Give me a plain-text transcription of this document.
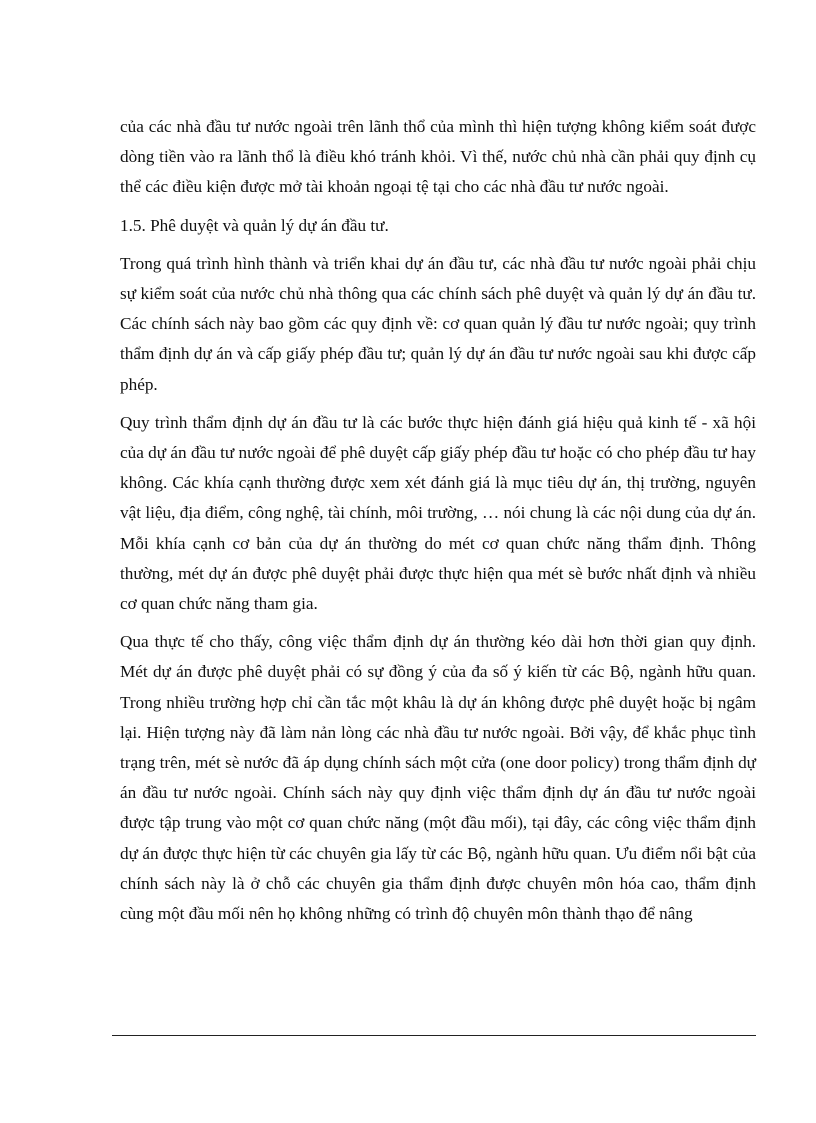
của các nhà đầu tư nước ngoài trên lãnh thổ của mình thì hiện tượng không kiểm soát được dòng tiền vào ra lãnh thổ là điều khó tránh khỏi. Vì thế, nước chủ nhà cần phải quy định cụ thể các điều kiện được mở tài khoản ngoại tệ tại cho các nhà đầu tư nước ngoài.

1.5. Phê duyệt và quản lý dự án đầu tư.

Trong quá trình hình thành và triển khai dự án đầu tư, các nhà đầu tư nước ngoài phải chịu sự kiểm soát của nước chủ nhà thông qua các chính sách phê duyệt và quản lý dự án đầu tư. Các chính sách này bao gồm các quy định về: cơ quan quản lý đầu tư nước ngoài; quy trình thẩm định dự án và cấp giấy phép đầu tư; quản lý dự án đầu tư nước ngoài sau khi được cấp phép.

Quy trình thẩm định dự án đầu tư là các bước thực hiện đánh giá hiệu quả kinh tế - xã hội của dự án đầu tư nước ngoài để phê duyệt cấp giấy phép đầu tư hoặc có cho phép đầu tư hay không. Các khía cạnh thường được xem xét đánh giá là mục tiêu dự án, thị trường, nguyên vật liệu, địa điểm, công nghệ, tài chính, môi trường, … nói chung là các nội dung của dự án. Mỗi khía cạnh cơ bản của dự án thường do mét cơ quan chức năng thẩm định. Thông thường, mét dự án được phê duyệt phải được thực hiện qua mét sè bước nhất định và nhiều cơ quan chức năng tham gia.

Qua thực tế cho thấy, công việc thẩm định dự án thường kéo dài hơn thời gian quy định. Mét dự án được phê duyệt phải có sự đồng ý của đa số ý kiến từ các Bộ, ngành hữu quan. Trong nhiều trường hợp chỉ cần tắc một khâu là dự án không được phê duyệt hoặc bị ngâm lại. Hiện tượng này đã làm nản lòng các nhà đầu tư nước ngoài. Bởi vậy, để khắc phục tình trạng trên, mét sè nước đã áp dụng chính sách một cửa (one door policy) trong thẩm định dự án đầu tư nước ngoài. Chính sách này quy định việc thẩm định dự án đầu tư nước ngoài được tập trung vào một cơ quan chức năng (một đầu mối), tại đây, các công việc thẩm định dự án được thực hiện từ các chuyên gia lấy từ các Bộ, ngành hữu quan. Ưu điểm nổi bật của chính sách này là ở chỗ các chuyên gia thẩm định được chuyên môn hóa cao, thẩm định cùng một đầu mối nên họ không những có trình độ chuyên môn thành thạo để nâng
